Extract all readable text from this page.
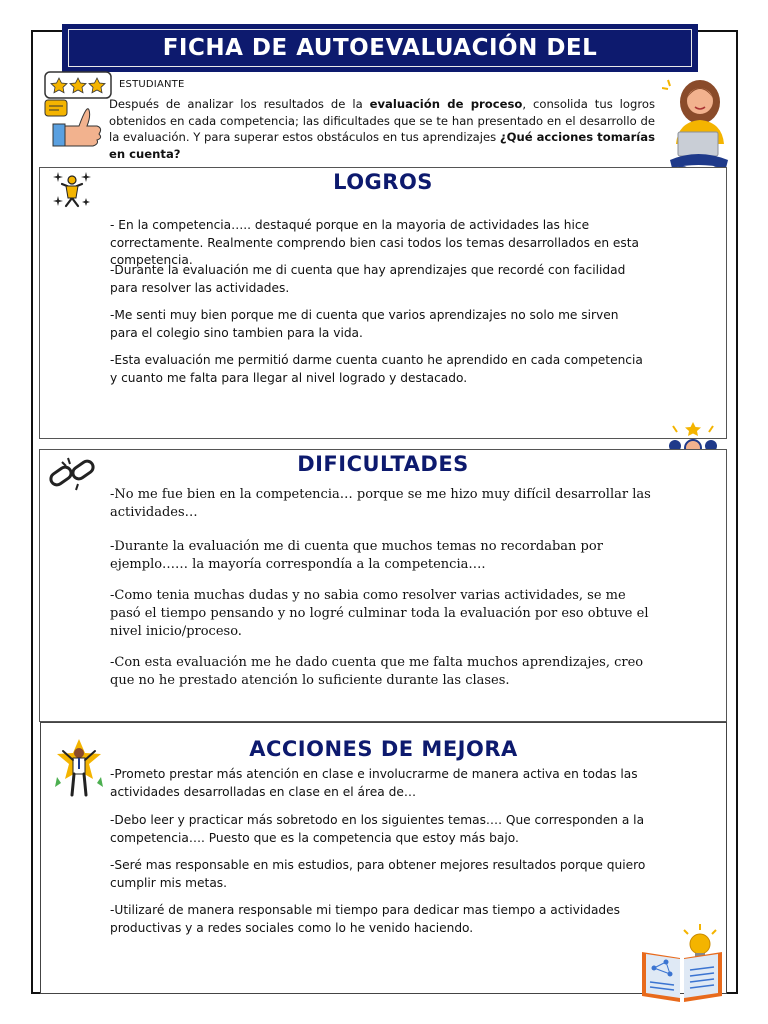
FICHA DE AUTOEVALUACIÓN DEL
ESTUDIANTE
Después de analizar los resultados de la evaluación de proceso, consolida tus logros obtenidos en cada competencia; las dificultades que se te han presentado en el desarrollo de la evaluación. Y para superar estos obstáculos en tus aprendizajes ¿Qué acciones tomarías en cuenta?
LOGROS
- En la competencia….. destaqué porque en la mayoria de actividades las hice correctamente. Realmente comprendo bien casi todos los temas desarrollados en esta competencia.
-Durante la evaluación me di cuenta que hay aprendizajes que recordé con facilidad para resolver las actividades.
-Me senti muy bien porque me di cuenta que varios aprendizajes no solo me sirven para el colegio sino tambien para la vida.
-Esta evaluación me permitió darme cuenta cuanto he aprendido en cada competencia y cuanto me falta para llegar al nivel logrado y destacado.
DIFICULTADES
-No me fue bien en la competencia… porque se me hizo muy difícil desarrollar las actividades…
-Durante la evaluación me di cuenta que muchos temas no recordaban por ejemplo…… la mayoría correspondía a la competencia….
-Como tenia muchas dudas y no sabia como resolver varias actividades, se me pasó el tiempo pensando y no logré culminar toda la evaluación por eso obtuve el nivel inicio/proceso.
-Con esta evaluación me he dado cuenta que me falta muchos aprendizajes, creo que no he prestado atención lo suficiente durante las clases.
ACCIONES DE MEJORA
-Prometo prestar más atención en clase e involucrarme de manera activa en todas las actividades desarrolladas en clase en el área de…
-Debo leer y practicar más sobretodo en los siguientes temas…. Que corresponden a la competencia…. Puesto que es la competencia que estoy más bajo.
-Seré mas responsable en mis estudios, para obtener mejores resultados porque quiero cumplir mis metas.
-Utilizaré de manera responsable mi tiempo para dedicar mas tiempo a actividades productivas y a redes sociales como lo he venido haciendo.
